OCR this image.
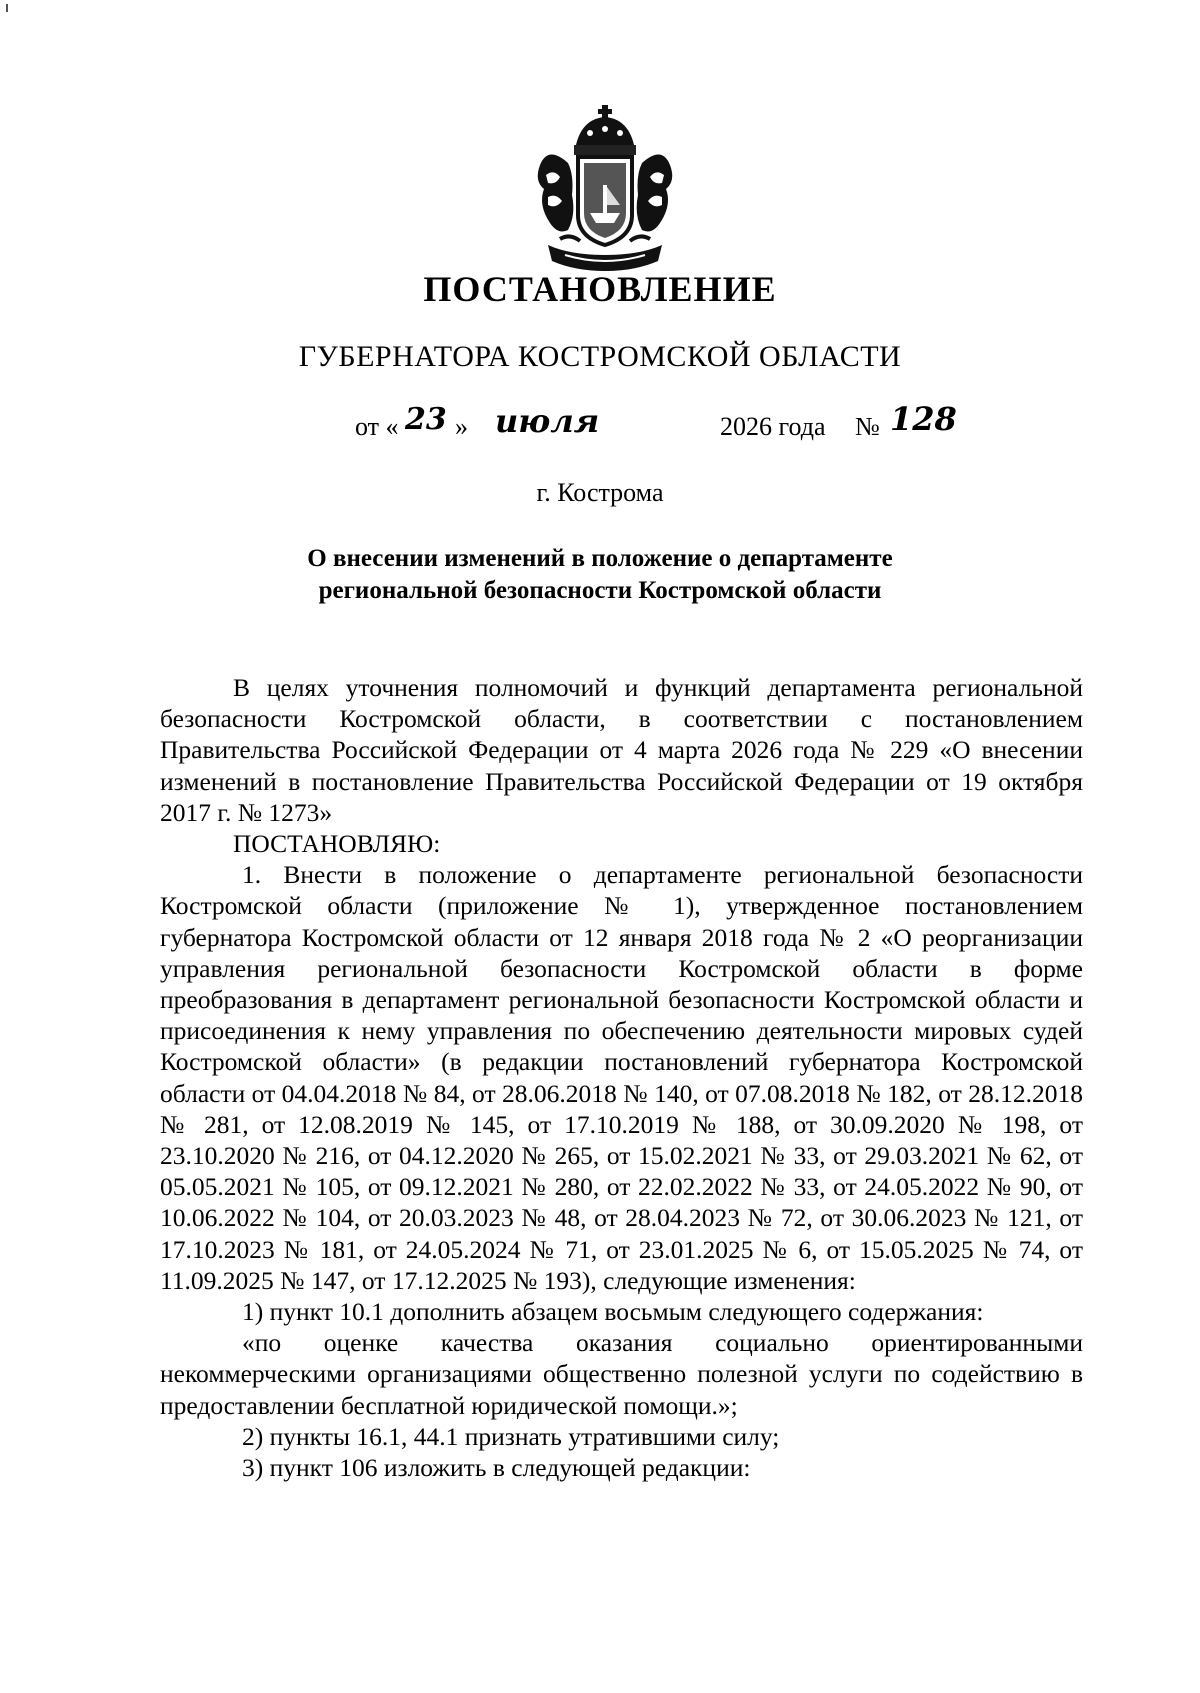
ПОСТАНОВЛЕНИЕ
ГУБЕРНАТОРА КОСТРОМСКОЙ ОБЛАСТИ
от « 23 » июля	2026 года № 128
г. Кострома
О внесении изменений в положение о департаменте
региональной безопасности Костромской области

В целях уточнения полномочий и функций департамента региональной безопасности Костромской области, в соответствии с постановлением Правительства Российской Федерации от 4 марта 2026 года № 229 «О внесении изменений в постановление Правительства Российской Федерации от 19 октября 2017 г. № 1273»

ПОСТАНОВЛЯЮ:

1. Внести в положение о департаменте региональной безопасности Костромской области (приложение № 1), утвержденное постановлением губернатора Костромской области от 12 января 2018 года № 2 «О реорганизации управления региональной безопасности Костромской области в форме преобразования в департамент региональной безопасности Костромской области и присоединения к нему управления по обеспечению деятельности мировых судей Костромской области» (в редакции постановлений губернатора Костромской области от 04.04.2018 № 84, от 28.06.2018 № 140, от 07.08.2018 № 182, от 28.12.2018 № 281, от 12.08.2019 № 145, от 17.10.2019 № 188, от 30.09.2020 № 198, от 23.10.2020 № 216, от 04.12.2020 № 265, от 15.02.2021 № 33, от 29.03.2021 № 62, от 05.05.2021 № 105, от 09.12.2021 № 280, от 22.02.2022 № 33, от 24.05.2022 № 90, от 10.06.2022 № 104, от 20.03.2023 № 48, от 28.04.2023 № 72, от 30.06.2023 № 121, от 17.10.2023 № 181, от 24.05.2024 № 71, от 23.01.2025 № 6, от 15.05.2025 № 74, от 11.09.2025 № 147, от 17.12.2025 № 193), следующие изменения:

1) пункт 10.1 дополнить абзацем восьмым следующего содержания:

«по оценке качества оказания социально ориентированными некоммерческими организациями общественно полезной услуги по содействию в предоставлении бесплатной юридической помощи.»;

2) пункты 16.1, 44.1 признать утратившими силу;

3) пункт 106 изложить в следующей редакции:
